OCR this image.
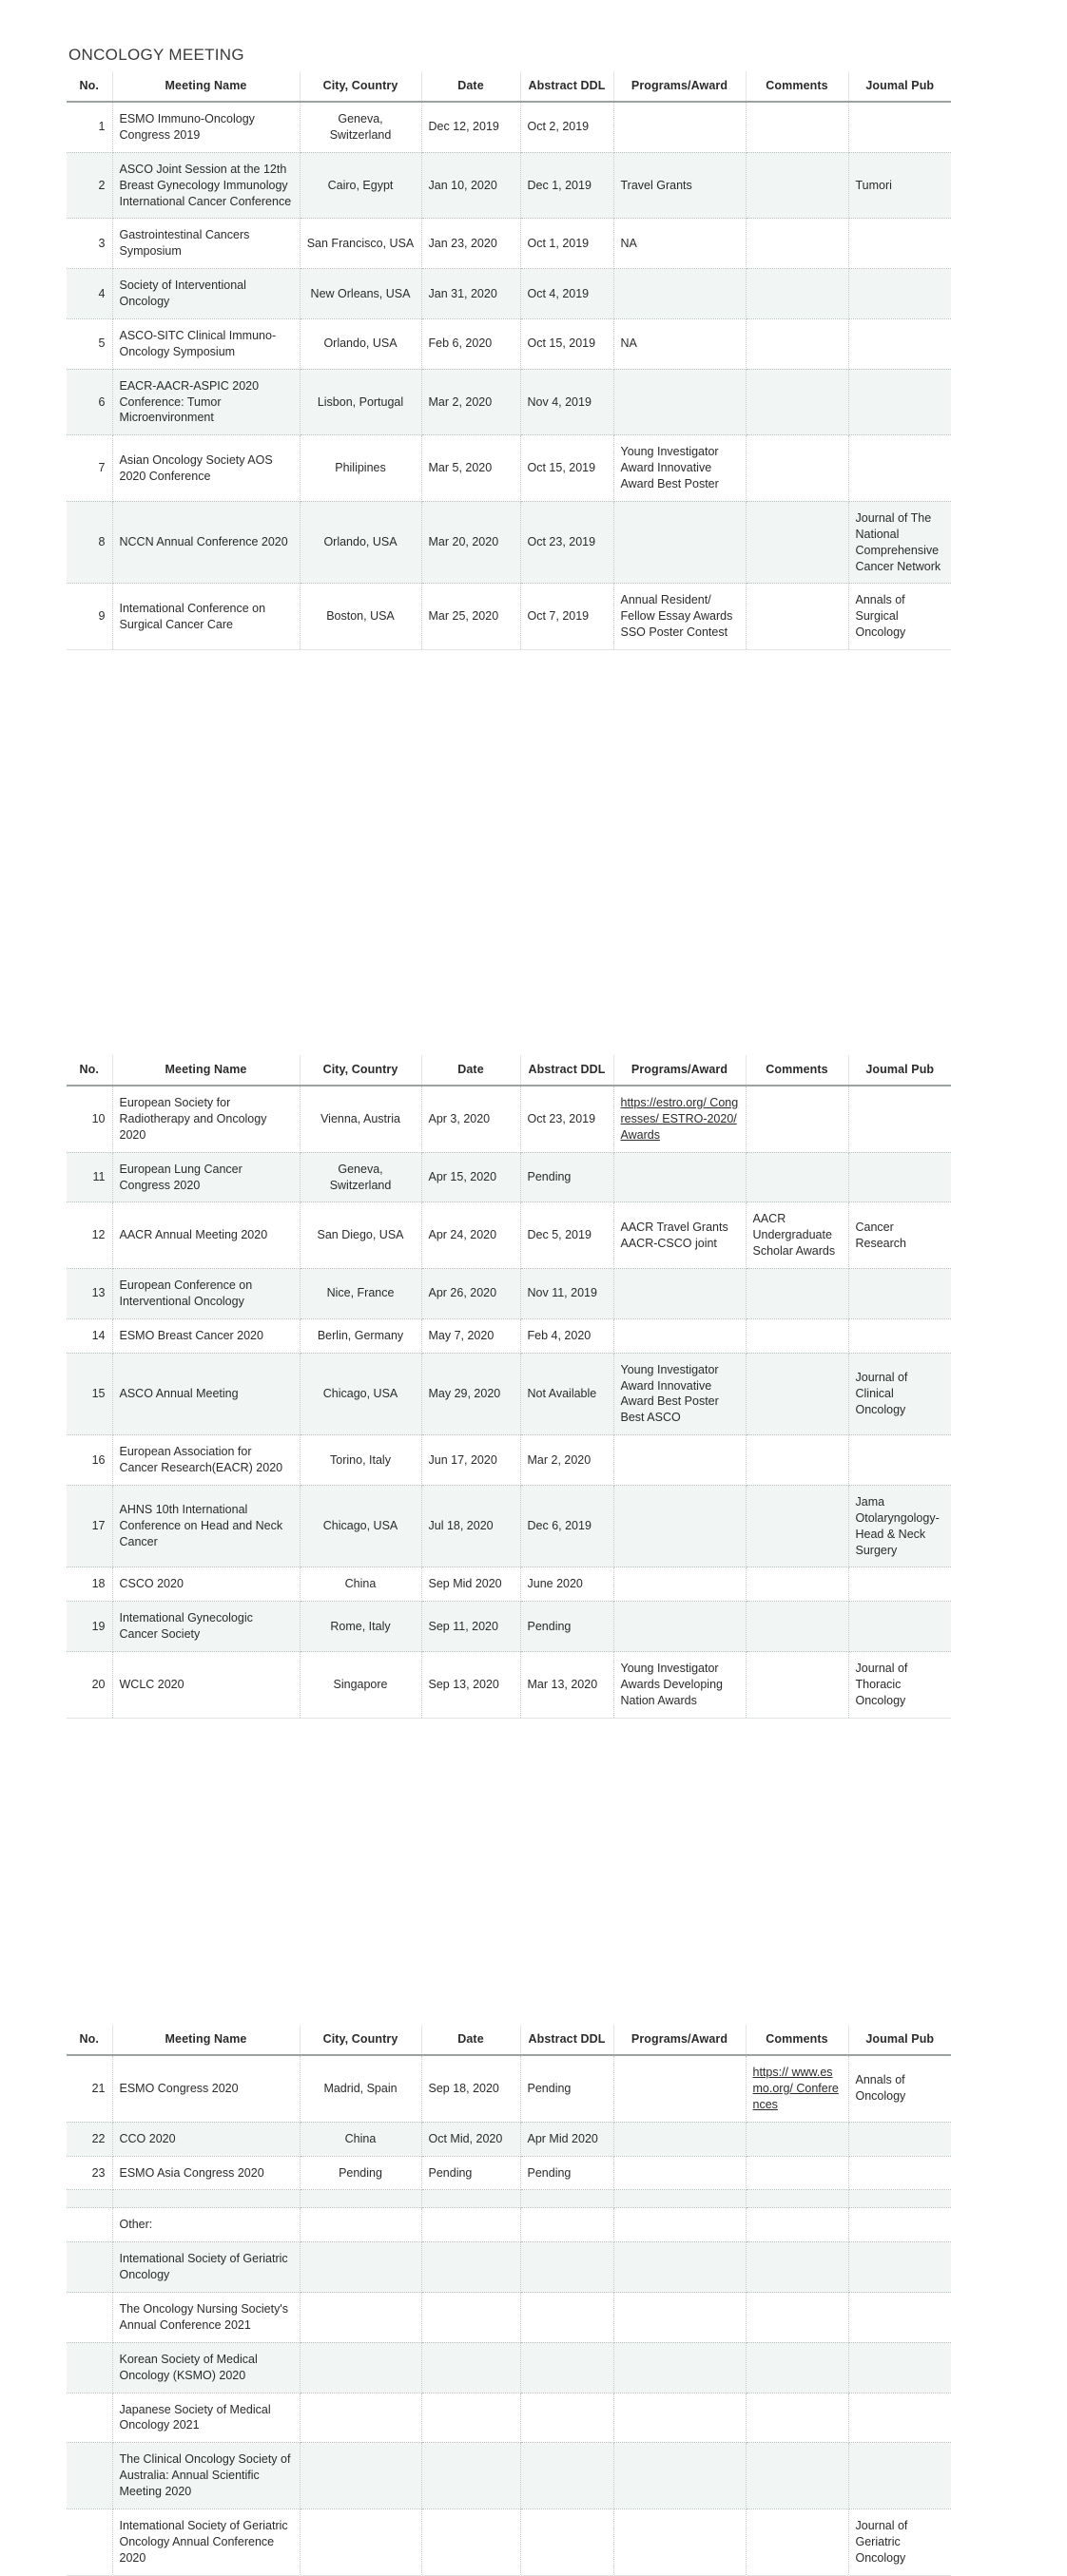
ONCOLOGY MEETING
No.	Meeting Name	City, Country	Date	Abstract DDL	Programs/Award	Comments	Joumal Pub
1	ESMO Immuno-Oncology Congress 2019	Geneva, Switzerland	Dec 12, 2019	Oct 2, 2019			
2	ASCO Joint Session at the 12th Breast Gynecology Immunology International Cancer Conference	Cairo, Egypt	Jan 10, 2020	Dec 1, 2019	Travel Grants		Tumori
3	Gastrointestinal Cancers Symposium	San Francisco, USA	Jan 23, 2020	Oct 1, 2019	NA		
4	Society of Interventional Oncology	New Orleans, USA	Jan 31, 2020	Oct 4, 2019			
5	ASCO-SITC Clinical Immuno-Oncology Symposium	Orlando, USA	Feb 6, 2020	Oct 15, 2019	NA		
6	EACR-AACR-ASPIC 2020 Conference: Tumor Microenvironment	Lisbon, Portugal	Mar 2, 2020	Nov 4, 2019			
7	Asian Oncology Society AOS 2020 Conference	Philipines	Mar 5, 2020	Oct 15, 2019	Young Investigator Award Innovative Award Best Poster		
8	NCCN Annual Conference 2020	Orlando, USA	Mar 20, 2020	Oct 23, 2019			Journal of The National Comprehensive Cancer Network
9	Intemational Conference on Surgical Cancer Care	Boston, USA	Mar 25, 2020	Oct 7, 2019	Annual Resident/ Fellow Essay Awards SSO Poster Contest		Annals of Surgical Oncology
No.	Meeting Name	City, Country	Date	Abstract DDL	Programs/Award	Comments	Joumal Pub
10	European Society for Radiotherapy and Oncology 2020	Vienna, Austria	Apr 3, 2020	Oct 23, 2019	https://estro.org/ Congresses/ ESTRO-2020/Awards		
11	European Lung Cancer Congress 2020	Geneva, Switzerland	Apr 15, 2020	Pending			
12	AACR Annual Meeting 2020	San Diego, USA	Apr 24, 2020	Dec 5, 2019	AACR Travel Grants AACR-CSCO joint	AACR Undergraduate Scholar Awards	Cancer Research
13	European Conference on Interventional Oncology	Nice, France	Apr 26, 2020	Nov 11, 2019			
14	ESMO Breast Cancer 2020	Berlin, Germany	May 7, 2020	Feb 4, 2020			
15	ASCO Annual Meeting	Chicago, USA	May 29, 2020	Not Available	Young Investigator Award Innovative Award Best Poster Best ASCO		Journal of Clinical Oncology
16	European Association for Cancer Research(EACR) 2020	Torino, Italy	Jun 17, 2020	Mar 2, 2020			
17	AHNS 10th International Conference on Head and Neck Cancer	Chicago, USA	Jul 18, 2020	Dec 6, 2019			Jama Otolaryngology-Head & Neck Surgery
18	CSCO 2020	China	Sep Mid 2020	June 2020			
19	Intemational Gynecologic Cancer Society	Rome, Italy	Sep 11, 2020	Pending			
20	WCLC 2020	Singapore	Sep 13, 2020	Mar 13, 2020	Young Investigator Awards Developing Nation Awards		Journal of Thoracic Oncology
No.	Meeting Name	City, Country	Date	Abstract DDL	Programs/Award	Comments	Joumal Pub
21	ESMO Congress 2020	Madrid, Spain	Sep 18, 2020	Pending		https:// www.esmo.org/ Conferences	Annals of Oncology
22	CCO 2020	China	Oct Mid, 2020	Apr Mid 2020			
23	ESMO Asia Congress 2020	Pending	Pending	Pending			

	Other:						
	Intemational Society of Geriatric Oncology						
	The Oncology Nursing Society's Annual Conference 2021						
	Korean Society of Medical Oncology (KSMO) 2020						
	Japanese Society of Medical Oncology 2021						
	The Clinical Oncology Society of Australia: Annual Scientific Meeting 2020						
	Intemational Society of Geriatric Oncology Annual Conference 2020						Journal of Geriatric Oncology
